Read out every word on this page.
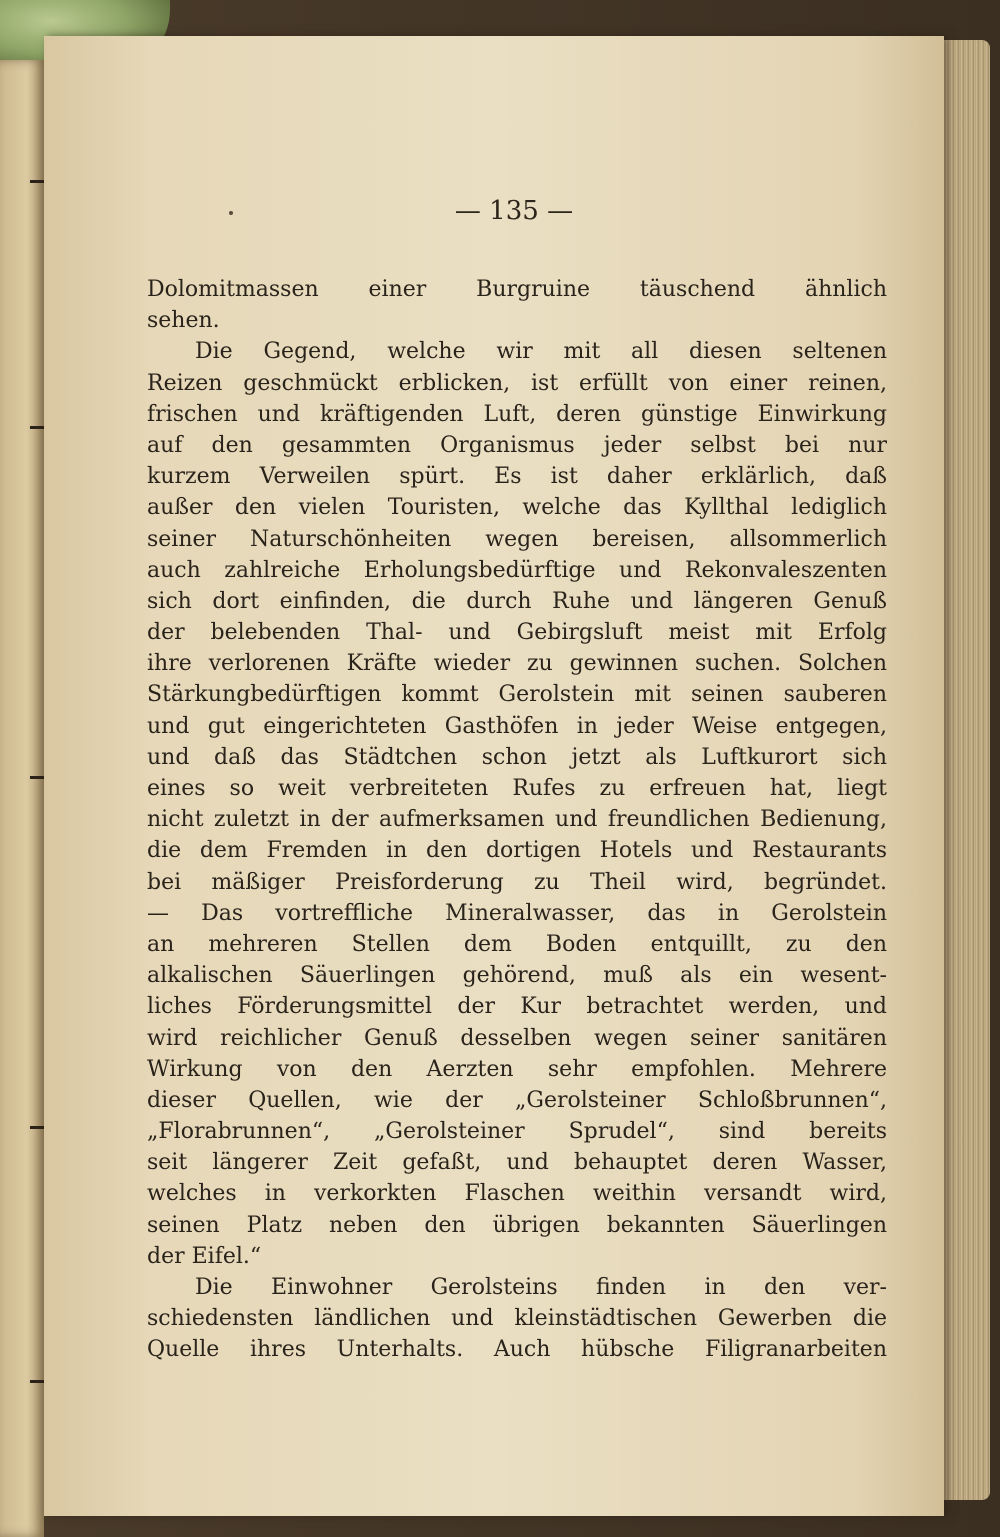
— 135 —
Dolomitmassen einer Burgruine täuschend ähnlich
sehen.
Die Gegend, welche wir mit all diesen seltenen
Reizen geschmückt erblicken, ist erfüllt von einer reinen,
frischen und kräftigenden Luft, deren günstige Einwirkung
auf den gesammten Organismus jeder selbst bei nur
kurzem Verweilen spürt. Es ist daher erklärlich, daß
außer den vielen Touristen, welche das Kyllthal lediglich
seiner Naturschönheiten wegen bereisen, allsommerlich
auch zahlreiche Erholungsbedürftige und Rekonvaleszenten
sich dort einfinden, die durch Ruhe und längeren Genuß
der belebenden Thal- und Gebirgsluft meist mit Erfolg
ihre verlorenen Kräfte wieder zu gewinnen suchen. Solchen
Stärkungbedürftigen kommt Gerolstein mit seinen sauberen
und gut eingerichteten Gasthöfen in jeder Weise entgegen,
und daß das Städtchen schon jetzt als Luftkurort sich
eines so weit verbreiteten Rufes zu erfreuen hat, liegt
nicht zuletzt in der aufmerksamen und freundlichen Bedienung,
die dem Fremden in den dortigen Hotels und Restaurants
bei mäßiger Preisforderung zu Theil wird, begründet.
— Das vortreffliche Mineralwasser, das in Gerolstein
an mehreren Stellen dem Boden entquillt, zu den
alkalischen Säuerlingen gehörend, muß als ein wesent-
liches Förderungsmittel der Kur betrachtet werden, und
wird reichlicher Genuß desselben wegen seiner sanitären
Wirkung von den Aerzten sehr empfohlen. Mehrere
dieser Quellen, wie der „Gerolsteiner Schloßbrunnen“,
„Florabrunnen“, „Gerolsteiner Sprudel“, sind bereits
seit längerer Zeit gefaßt, und behauptet deren Wasser,
welches in verkorkten Flaschen weithin versandt wird,
seinen Platz neben den übrigen bekannten Säuerlingen
der Eifel.“
Die Einwohner Gerolsteins finden in den ver-
schiedensten ländlichen und kleinstädtischen Gewerben die
Quelle ihres Unterhalts. Auch hübsche Filigranarbeiten
